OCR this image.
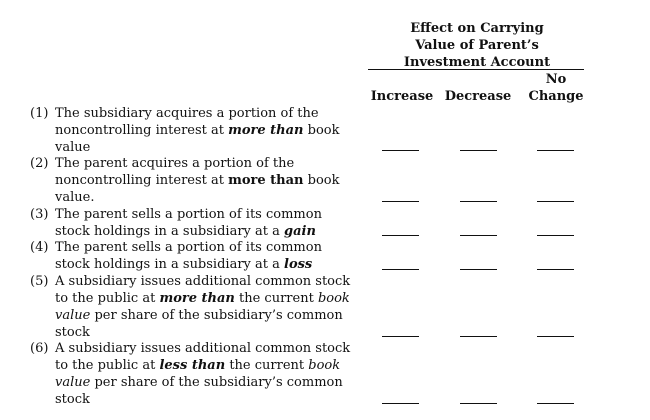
Effect on Carrying
Value of Parent’s
Investment Account
Increase Decrease
No
Change
(1) The subsidiary acquires a portion of the noncontrolling interest at more than book value
(2) The parent acquires a portion of the noncontrolling interest at more than book value.
(3) The parent sells a portion of its common stock holdings in a subsidiary at a gain
(4) The parent sells a portion of its common stock holdings in a subsidiary at a loss
(5) A subsidiary issues additional common stock to the public at more than the current book value per share of the subsidiary’s common stock
(6) A subsidiary issues additional common stock to the public at less than the current book value per share of the subsidiary’s common stock
